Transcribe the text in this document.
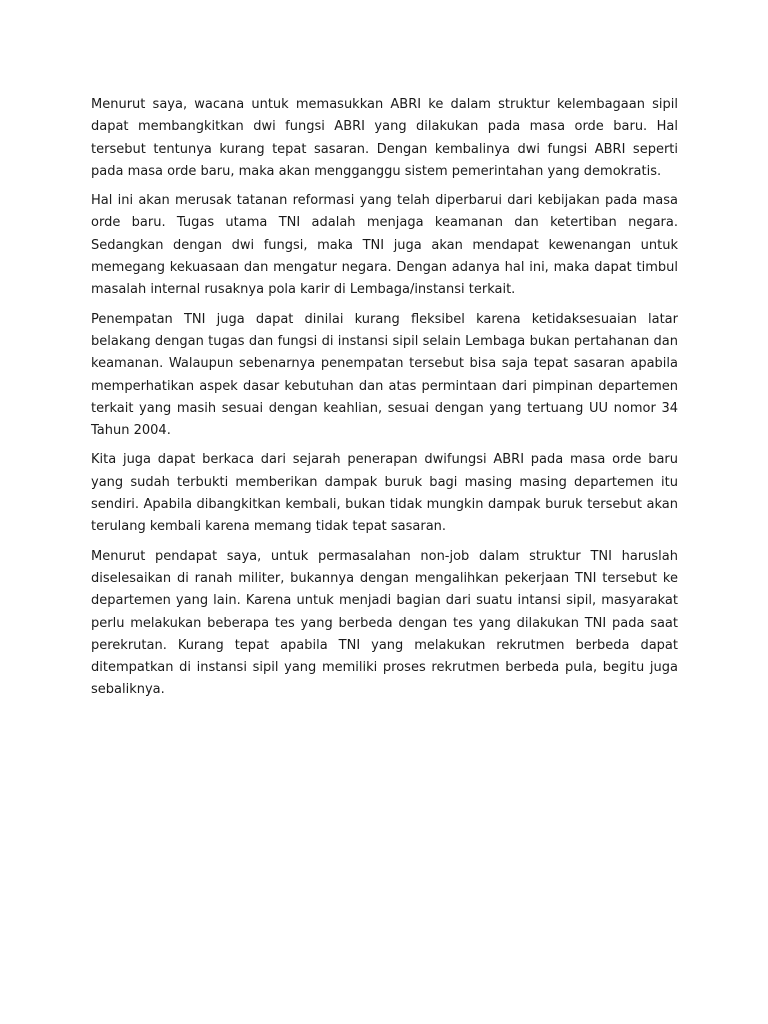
Menurut saya, wacana untuk memasukkan ABRI ke dalam struktur kelembagaan sipil dapat membangkitkan dwi fungsi ABRI yang dilakukan pada masa orde baru. Hal tersebut tentunya kurang tepat sasaran. Dengan kembalinya dwi fungsi ABRI seperti pada masa orde baru, maka akan mengganggu sistem pemerintahan yang demokratis.

Hal ini akan merusak tatanan reformasi yang telah diperbarui dari kebijakan pada masa orde baru. Tugas utama TNI adalah menjaga keamanan dan ketertiban negara. Sedangkan dengan dwi fungsi, maka TNI juga akan mendapat kewenangan untuk memegang kekuasaan dan mengatur negara. Dengan adanya hal ini, maka dapat timbul masalah internal rusaknya pola karir di Lembaga/instansi terkait.

Penempatan TNI juga dapat dinilai kurang fleksibel karena ketidaksesuaian latar belakang dengan tugas dan fungsi di instansi sipil selain Lembaga bukan pertahanan dan keamanan. Walaupun sebenarnya penempatan tersebut bisa saja tepat sasaran apabila memperhatikan aspek dasar kebutuhan dan atas permintaan dari pimpinan departemen terkait yang masih sesuai dengan keahlian, sesuai dengan yang tertuang UU nomor 34 Tahun 2004.

Kita juga dapat berkaca dari sejarah penerapan dwifungsi ABRI pada masa orde baru yang sudah terbukti memberikan dampak buruk bagi masing masing departemen itu sendiri. Apabila dibangkitkan kembali, bukan tidak mungkin dampak buruk tersebut akan terulang kembali karena memang tidak tepat sasaran.

Menurut pendapat saya, untuk permasalahan non-job dalam struktur TNI haruslah diselesaikan di ranah militer, bukannya dengan mengalihkan pekerjaan TNI tersebut ke departemen yang lain. Karena untuk menjadi bagian dari suatu intansi sipil, masyarakat perlu melakukan beberapa tes yang berbeda dengan tes yang dilakukan TNI pada saat perekrutan. Kurang tepat apabila TNI yang melakukan rekrutmen berbeda dapat ditempatkan di instansi sipil yang memiliki proses rekrutmen berbeda pula, begitu juga sebaliknya.
